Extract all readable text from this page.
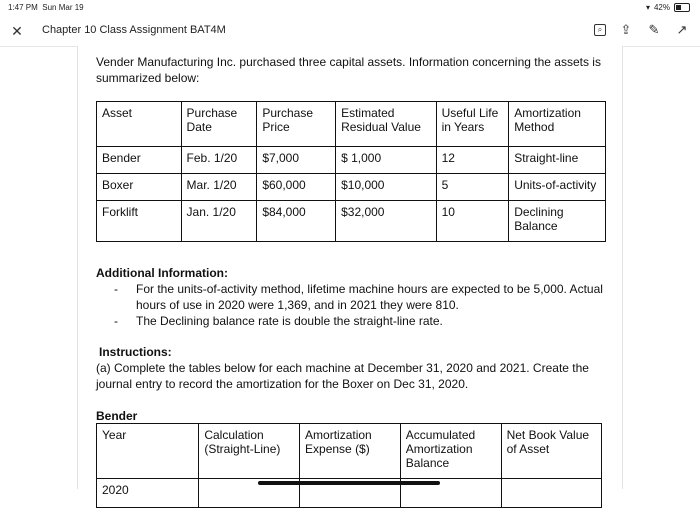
1:47 PM Sun Mar 19	▾ 42%
✕ Chapter 10 Class Assignment BAT4M	⌕ ⇪ ✎ ↗
Vender Manufacturing Inc. purchased three capital assets. Information concerning the assets is summarized below:
Asset	Purchase Date	Purchase Price	Estimated Residual Value	Useful Life in Years	Amortization Method
Bender	Feb. 1/20	$7,000	$ 1,000	12	Straight-line
Boxer	Mar. 1/20	$60,000	$10,000	5	Units-of-activity
Forklift	Jan. 1/20	$84,000	$32,000	10	Declining Balance
Additional Information:
- For the units-of-activity method, lifetime machine hours are expected to be 5,000. Actual hours of use in 2020 were 1,369, and in 2021 they were 810.
- The Declining balance rate is double the straight-line rate.
Instructions:
(a) Complete the tables below for each machine at December 31, 2020 and 2021. Create the journal entry to record the amortization for the Boxer on Dec 31, 2020.
Bender
Year	Calculation (Straight-Line)	Amortization Expense ($)	Accumulated Amortization Balance	Net Book Value of Asset

2020				
